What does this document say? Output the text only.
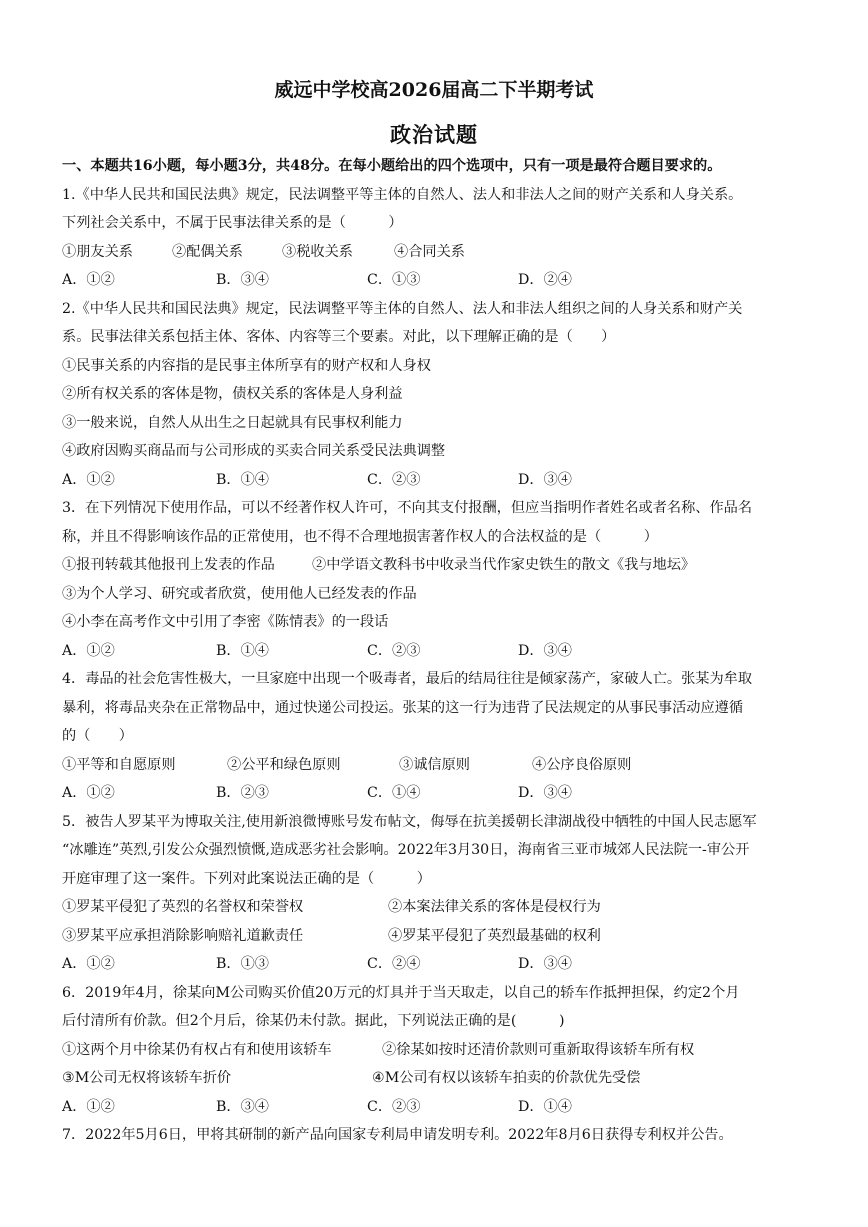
威远中学校高2026届高二下半期考试
政治试题
一、本题共16小题，每小题3分，共48分。在每小题给出的四个选项中，只有一项是最符合题目要求的。
1.《中华人民共和国民法典》规定，民法调整平等主体的自然人、法人和非法人之间的财产关系和人身关系。
下列社会关系中，不属于民事法律关系的是（　　　）
①朋友关系	②配偶关系	③税收关系	④合同关系
A．①②	B．③④	C．①③	D．②④
2.《中华人民共和国民法典》规定，民法调整平等主体的自然人、法人和非法人组织之间的人身关系和财产关
系。民事法律关系包括主体、客体、内容等三个要素。对此，以下理解正确的是（　　）
①民事关系的内容指的是民事主体所享有的财产权和人身权
②所有权关系的客体是物，债权关系的客体是人身利益
③一般来说，自然人从出生之日起就具有民事权利能力
④政府因购买商品而与公司形成的买卖合同关系受民法典调整
A．①②	B．①④	C．②③	D．③④
3．在下列情况下使用作品，可以不经著作权人许可，不向其支付报酬，但应当指明作者姓名或者名称、作品名
称，并且不得影响该作品的正常使用，也不得不合理地损害著作权人的合法权益的是（　　　）
①报刊转载其他报刊上发表的作品	②中学语文教科书中收录当代作家史铁生的散文《我与地坛》
③为个人学习、研究或者欣赏，使用他人已经发表的作品
④小李在高考作文中引用了李密《陈情表》的一段话
A．①②	B．①④	C．②③	D．③④
4．毒品的社会危害性极大，一旦家庭中出现一个吸毒者，最后的结局往往是倾家荡产，家破人亡。张某为牟取
暴利，将毒品夹杂在正常物品中，通过快递公司投运。张某的这一行为违背了民法规定的从事民事活动应遵循
的（　　）
①平等和自愿原则	②公平和绿色原则	③诚信原则	④公序良俗原则
A．①②	B．②③	C．①④	D．③④
5．被告人罗某平为博取关注,使用新浪微博账号发布帖文，侮辱在抗美援朝长津湖战役中牺牲的中国人民志愿军
“冰雕连”英烈,引发公众强烈愤慨,造成恶劣社会影响。2022年3月30日，海南省三亚市城郊人民法院一-审公开
开庭审理了这一案件。下列对此案说法正确的是（　　　）
①罗某平侵犯了英烈的名誉权和荣誉权	②本案法律关系的客体是侵权行为
③罗某平应承担消除影响赔礼道歉责任	④罗某平侵犯了英烈最基础的权利
A．①②	B．①③	C．②④	D．③④
6．2019年4月，徐某向M公司购买价值20万元的灯具并于当天取走，以自己的轿车作抵押担保，约定2个月
后付清所有价款。但2个月后，徐某仍未付款。据此，下列说法正确的是(　　　)
①这两个月中徐某仍有权占有和使用该轿车	②徐某如按时还清价款则可重新取得该轿车所有权
③M公司无权将该轿车折价	④M公司有权以该轿车拍卖的价款优先受偿
A．①②	B．③④	C．②③	D．①④
7．2022年5月6日，甲将其研制的新产品向国家专利局申请发明专利。2022年8月6日获得专利权并公告。
